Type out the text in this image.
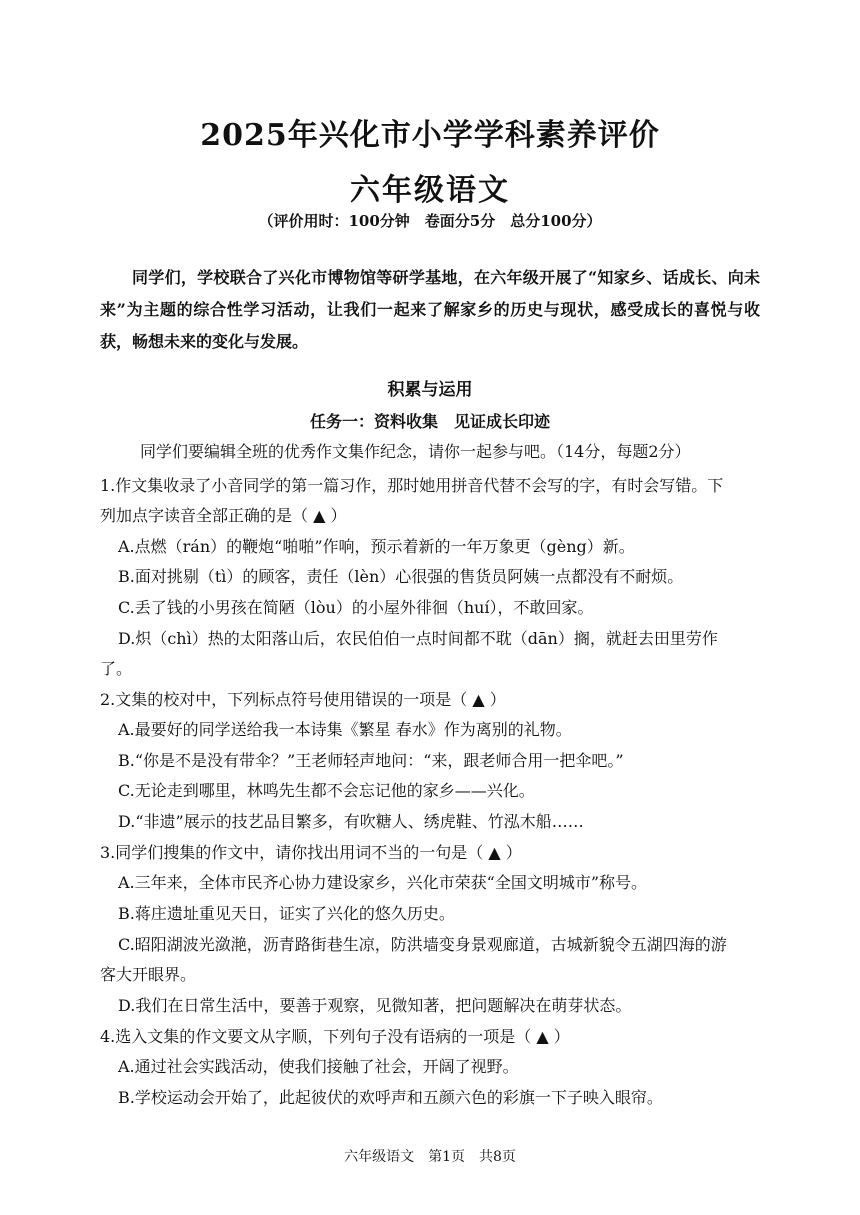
2025年兴化市小学学科素养评价
六年级语文
（评价用时：100分钟　卷面分5分　总分100分）
同学们，学校联合了兴化市博物馆等研学基地，在六年级开展了“知家乡、话成长、向未来”为主题的综合性学习活动，让我们一起来了解家乡的历史与现状，感受成长的喜悦与收获，畅想未来的变化与发展。
积累与运用
任务一：资料收集　见证成长印迹
同学们要编辑全班的优秀作文集作纪念，请你一起参与吧。（14分，每题2分）
1.作文集收录了小音同学的第一篇习作，那时她用拼音代替不会写的字，有时会写错。下
列加点字读音全部正确的是（ ▲ ）
A.点燃（rán）的鞭炮“啪啪”作响，预示着新的一年万象更（gèng）新。
B.面对挑剔（tì）的顾客，责任（lèn）心很强的售货员阿姨一点都没有不耐烦。
C.丢了钱的小男孩在简陋（lòu）的小屋外徘徊（huí），不敢回家。
D.炽（chì）热的太阳落山后，农民伯伯一点时间都不耽（dān）搁，就赶去田里劳作
了。
2.文集的校对中，下列标点符号使用错误的一项是（ ▲ ）
A.最要好的同学送给我一本诗集《繁星 春水》作为离别的礼物。
B.“你是不是没有带伞？”王老师轻声地问：“来，跟老师合用一把伞吧。”
C.无论走到哪里，林鸣先生都不会忘记他的家乡——兴化。
D.“非遗”展示的技艺品目繁多，有吹糖人、绣虎鞋、竹泓木船……
3.同学们搜集的作文中，请你找出用词不当的一句是（ ▲ ）
A.三年来，全体市民齐心协力建设家乡，兴化市荣获“全国文明城市”称号。
B.蒋庄遗址重见天日，证实了兴化的悠久历史。
C.昭阳湖波光潋滟，沥青路街巷生凉，防洪墙变身景观廊道，古城新貌令五湖四海的游
客大开眼界。
D.我们在日常生活中，要善于观察，见微知著，把问题解决在萌芽状态。
4.选入文集的作文要文从字顺，下列句子没有语病的一项是（ ▲ ）
A.通过社会实践活动，使我们接触了社会，开阔了视野。
B.学校运动会开始了，此起彼伏的欢呼声和五颜六色的彩旗一下子映入眼帘。
六年级语文　第1页　共8页
